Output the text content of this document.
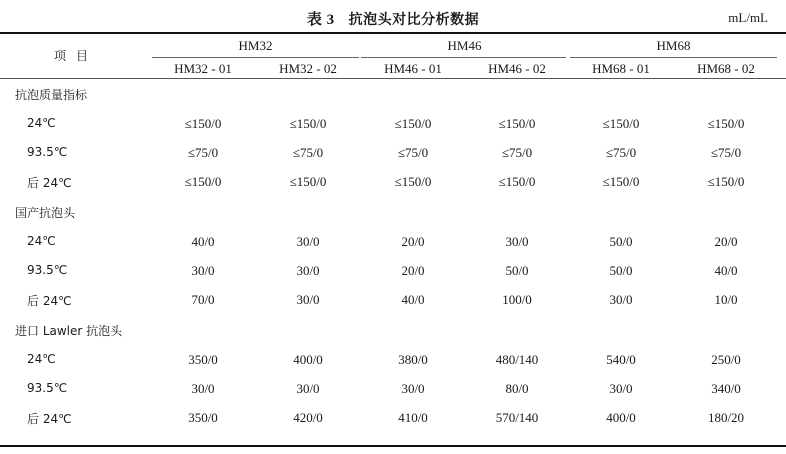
表 3 抗泡头对比分析数据	mL/mL
项目
HM32	HM46	HM68
HM32 - 01	HM32 - 02	HM46 - 01	HM46 - 02	HM68 - 01	HM68 - 02
抗泡质量指标
24℃	≤150/0	≤150/0	≤150/0	≤150/0	≤150/0	≤150/0
93.5℃	≤75/0	≤75/0	≤75/0	≤75/0	≤75/0	≤75/0
后 24℃	≤150/0	≤150/0	≤150/0	≤150/0	≤150/0	≤150/0
国产抗泡头
24℃	40/0	30/0	20/0	30/0	50/0	20/0
93.5℃	30/0	30/0	20/0	50/0	50/0	40/0
后 24℃	70/0	30/0	40/0	100/0	30/0	10/0
进口 Lawler 抗泡头
24℃	350/0	400/0	380/0	480/140	540/0	250/0
93.5℃	30/0	30/0	30/0	80/0	30/0	340/0
后 24℃	350/0	420/0	410/0	570/140	400/0	180/20
